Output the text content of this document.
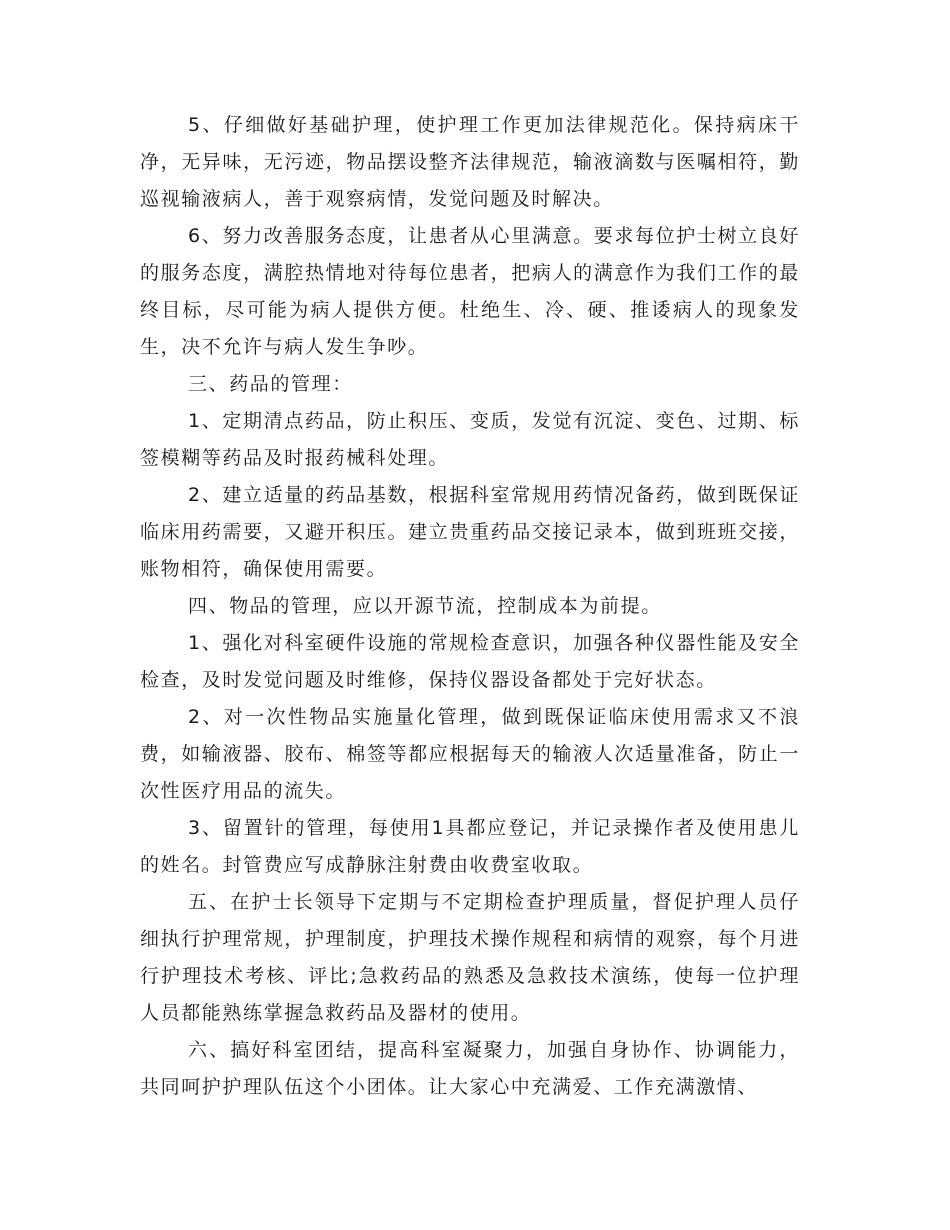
5、仔细做好基础护理，使护理工作更加法律规范化。保持病床干净，无异味，无污迹，物品摆设整齐法律规范，输液滴数与医嘱相符，勤巡视输液病人，善于观察病情，发觉问题及时解决。

6、努力改善服务态度，让患者从心里满意。要求每位护士树立良好的服务态度，满腔热情地对待每位患者，把病人的满意作为我们工作的最终目标，尽可能为病人提供方便。杜绝生、冷、硬、推诿病人的现象发生，决不允许与病人发生争吵。

三、药品的管理：

1、定期清点药品，防止积压、变质，发觉有沉淀、变色、过期、标签模糊等药品及时报药械科处理。

2、建立适量的药品基数，根据科室常规用药情况备药，做到既保证临床用药需要，又避开积压。建立贵重药品交接记录本，做到班班交接，账物相符，确保使用需要。

四、物品的管理，应以开源节流，控制成本为前提。

1、强化对科室硬件设施的常规检查意识，加强各种仪器性能及安全检查，及时发觉问题及时维修，保持仪器设备都处于完好状态。

2、对一次性物品实施量化管理，做到既保证临床使用需求又不浪费，如输液器、胶布、棉签等都应根据每天的输液人次适量准备，防止一次性医疗用品的流失。

3、留置针的管理，每使用1具都应登记，并记录操作者及使用患儿的姓名。封管费应写成静脉注射费由收费室收取。

五、在护士长领导下定期与不定期检查护理质量，督促护理人员仔细执行护理常规，护理制度，护理技术操作规程和病情的观察，每个月进行护理技术考核、评比;急救药品的熟悉及急救技术演练，使每一位护理人员都能熟练掌握急救药品及器材的使用。

六、搞好科室团结，提高科室凝聚力，加强自身协作、协调能力，共同呵护护理队伍这个小团体。让大家心中充满爱、工作充满激情、
